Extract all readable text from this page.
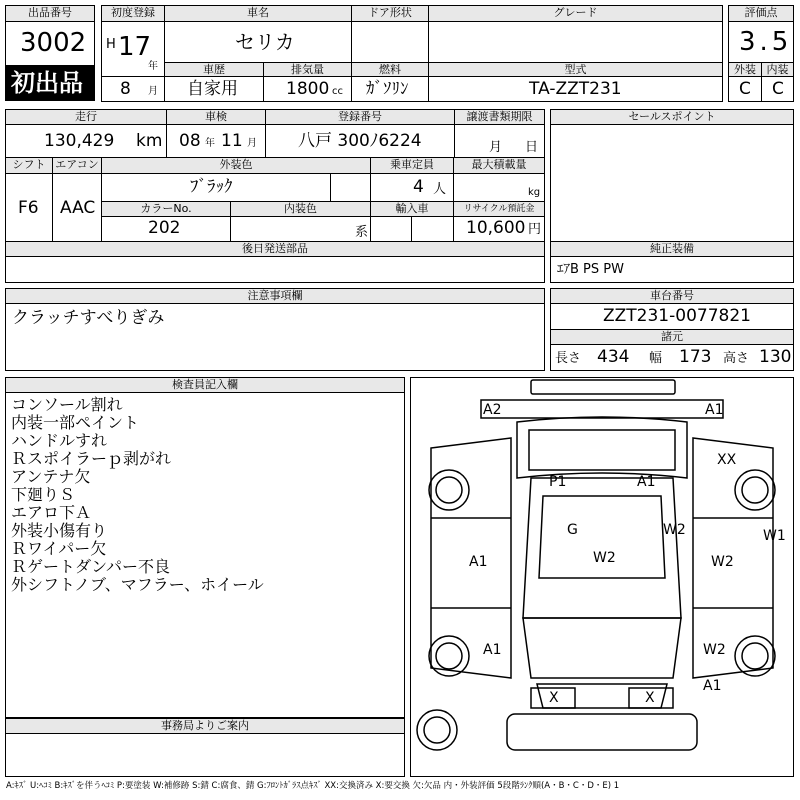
出品番号
3002
初出品
初度登録
H 17
年
8 月
車名
セリカ
ドア形状	グレード
車歴
自家用
排気量
1800 cc
燃料
ｶﾞｿﾘﾝ
型式
TA-ZZT231
評価点
3.5
外装 内装
C C
走行
130,429 km
車検
08 年 11 月
登録番号
八戸 300ﾉ6224
譲渡書類期限
月 日
セールスポイント
シフト
F6
エアコン
AAC
外装色
ﾌﾞﾗｯｸ
乗車定員
4 人
最大積載量
kg
カラーNo.
202
内装色
系
輸入車	リサイクル預託金
10,600 円
後日発送部品	純正装備
ｴｱB PS PW
注意事項欄
クラッチすべりぎみ
車台番号
ZZT231-0077821
諸元
長さ 434 幅 173 高さ 130
検査員記入欄
コンソール割れ
内装一部ペイント
ハンドルすれ
Ｒスポイラーｐ剥がれ
アンテナ欠
下廻りＳ
エアロ下Ａ
外装小傷有り
Ｒワイパー欠
Ｒゲートダンパー不良
外シフトノブ、マフラー、ホイール
事務局よりご案内
A2	A1
XX
P1	A1
W1
G	W2
A1	W2	W2
A1	W2
A1
X	X
A:ｷｽﾞ U:ﾍｺﾐ B:ｷｽﾞを伴うﾍｺﾐ P:要塗装 W:補修跡 S:錆 C:腐食、錆 G:ﾌﾛﾝﾄｶﾞﾗｽ点ｷｽﾞ XX:交換済み X:要交換 欠:欠品 内・外装評価 5段階ﾗﾝｸ順(A・B・C・D・E) 1
